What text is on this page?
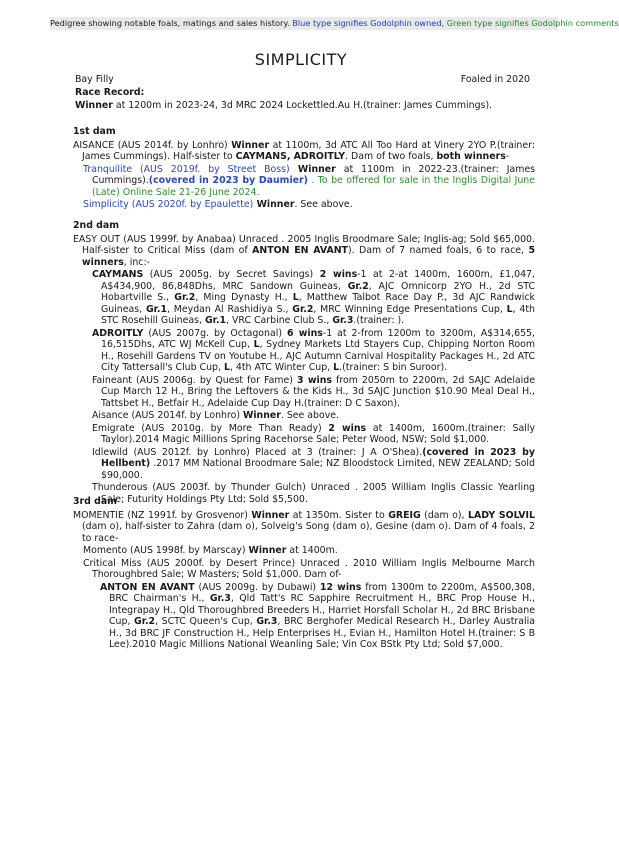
Pedigree showing notable foals, matings and sales history. Blue type signifies Godolphin owned, Green type signifies Godolphin comments
SIMPLICITY
Bay Filly	Foaled in 2020
Race Record:
Winner at 1200m in 2023-24, 3d MRC 2024 Lockettled.Au H.(trainer: James Cummings).
1st dam

AISANCE (AUS 2014f. by Lonhro) Winner at 1100m, 3d ATC All Too Hard at Vinery 2YO P.(trainer: James Cummings). Half-sister to CAYMANS, ADROITLY. Dam of two foals, both winners-

Tranquilite (AUS 2019f. by Street Boss) Winner at 1100m in 2022-23.(trainer: James Cummings).(covered in 2023 by Daumier) . To be offered for sale in the Inglis Digital June (Late) Online Sale 21-26 June 2024.

Simplicity (AUS 2020f. by Epaulette) Winner. See above.

2nd dam

EASY OUT (AUS 1999f. by Anabaa) Unraced . 2005 Inglis Broodmare Sale; Inglis-ag; Sold $65,000. Half-sister to Critical Miss (dam of ANTON EN AVANT). Dam of 7 named foals, 6 to race, 5 winners, inc:-

CAYMANS (AUS 2005g. by Secret Savings) 2 wins-1 at 2-at 1400m, 1600m, £1,047, A$434,900, 86,848Dhs, MRC Sandown Guineas, Gr.2, AJC Omnicorp 2YO H., 2d STC Hobartville S., Gr.2, Ming Dynasty H., L, Matthew Talbot Race Day P., 3d AJC Randwick Guineas, Gr.1, Meydan Al Rashidiya S., Gr.2, MRC Winning Edge Presentations Cup, L, 4th STC Rosehill Guineas, Gr.1, VRC Carbine Club S., Gr.3.(trainer: ).

ADROITLY (AUS 2007g. by Octagonal) 6 wins-1 at 2-from 1200m to 3200m, A$314,655, 16,515Dhs, ATC WJ McKell Cup, L, Sydney Markets Ltd Stayers Cup, Chipping Norton Room H., Rosehill Gardens TV on Youtube H., AJC Autumn Carnival Hospitality Packages H., 2d ATC City Tattersall's Club Cup, L, 4th ATC Winter Cup, L.(trainer: S bin Suroor).

Faineant (AUS 2006g. by Quest for Fame) 3 wins from 2050m to 2200m, 2d SAJC Adelaide Cup March 12 H., Bring the Leftovers & the Kids H., 3d SAJC Junction $10.90 Meal Deal H., Tattsbet H., Betfair H., Adelaide Cup Day H.(trainer: D C Saxon).

Aisance (AUS 2014f. by Lonhro) Winner. See above.

Emigrate (AUS 2010g. by More Than Ready) 2 wins at 1400m, 1600m.(trainer: Sally Taylor).2014 Magic Millions Spring Racehorse Sale; Peter Wood, NSW; Sold $1,000.

Idlewild (AUS 2012f. by Lonhro) Placed at 3 (trainer: J A O'Shea).(covered in 2023 by Hellbent) .2017 MM National Broodmare Sale; NZ Bloodstock Limited, NEW ZEALAND; Sold $90,000.

Thunderous (AUS 2003f. by Thunder Gulch) Unraced . 2005 William Inglis Classic Yearling Sale; Futurity Holdings Pty Ltd; Sold $5,500.

3rd dam

MOMENTIE (NZ 1991f. by Grosvenor) Winner at 1350m. Sister to GREIG (dam o), LADY SOLVIL (dam o), half-sister to Zahra (dam o), Solveig's Song (dam o), Gesine (dam o). Dam of 4 foals, 2 to race-

Momento (AUS 1998f. by Marscay) Winner at 1400m.

Critical Miss (AUS 2000f. by Desert Prince) Unraced . 2010 William Inglis Melbourne March Thoroughbred Sale; W Masters; Sold $1,000. Dam of-

ANTON EN AVANT (AUS 2009g. by Dubawi) 12 wins from 1300m to 2200m, A$500,308, BRC Chairman's H., Gr.3, Qld Tatt's RC Sapphire Recruitment H., BRC Prop House H., Integrapay H., Qld Thoroughbred Breeders H., Harriet Horsfall Scholar H., 2d BRC Brisbane Cup, Gr.2, SCTC Queen's Cup, Gr.3, BRC Berghofer Medical Research H., Darley Australia H., 3d BRC JF Construction H., Help Enterprises H., Evian H., Hamilton Hotel H.(trainer: S B Lee).2010 Magic Millions National Weanling Sale; Vin Cox BStk Pty Ltd; Sold $7,000.
